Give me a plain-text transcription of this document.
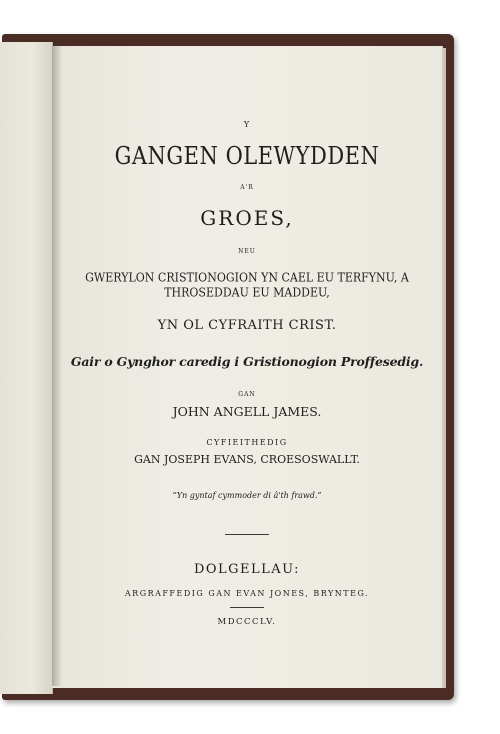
Y
GANGEN OLEWYDDEN
A'R
GROES,
NEU
GWERYLON CRISTIONOGION YN CAEL EU TERFYNU, A
THROSEDDAU EU MADDEU,
YN OL CYFRAITH CRIST.
Gair o Gynghor caredig i Gristionogion Proffesedig.
GAN
JOHN ANGELL JAMES.
CYFIEITHEDIG
GAN JOSEPH EVANS, CROESOSWALLT.
“Yn gyntaf cymmoder di â'th frawd.”
DOLGELLAU:
ARGRAFFEDIG GAN EVAN JONES, BRYNTEG.
MDCCCLV.
